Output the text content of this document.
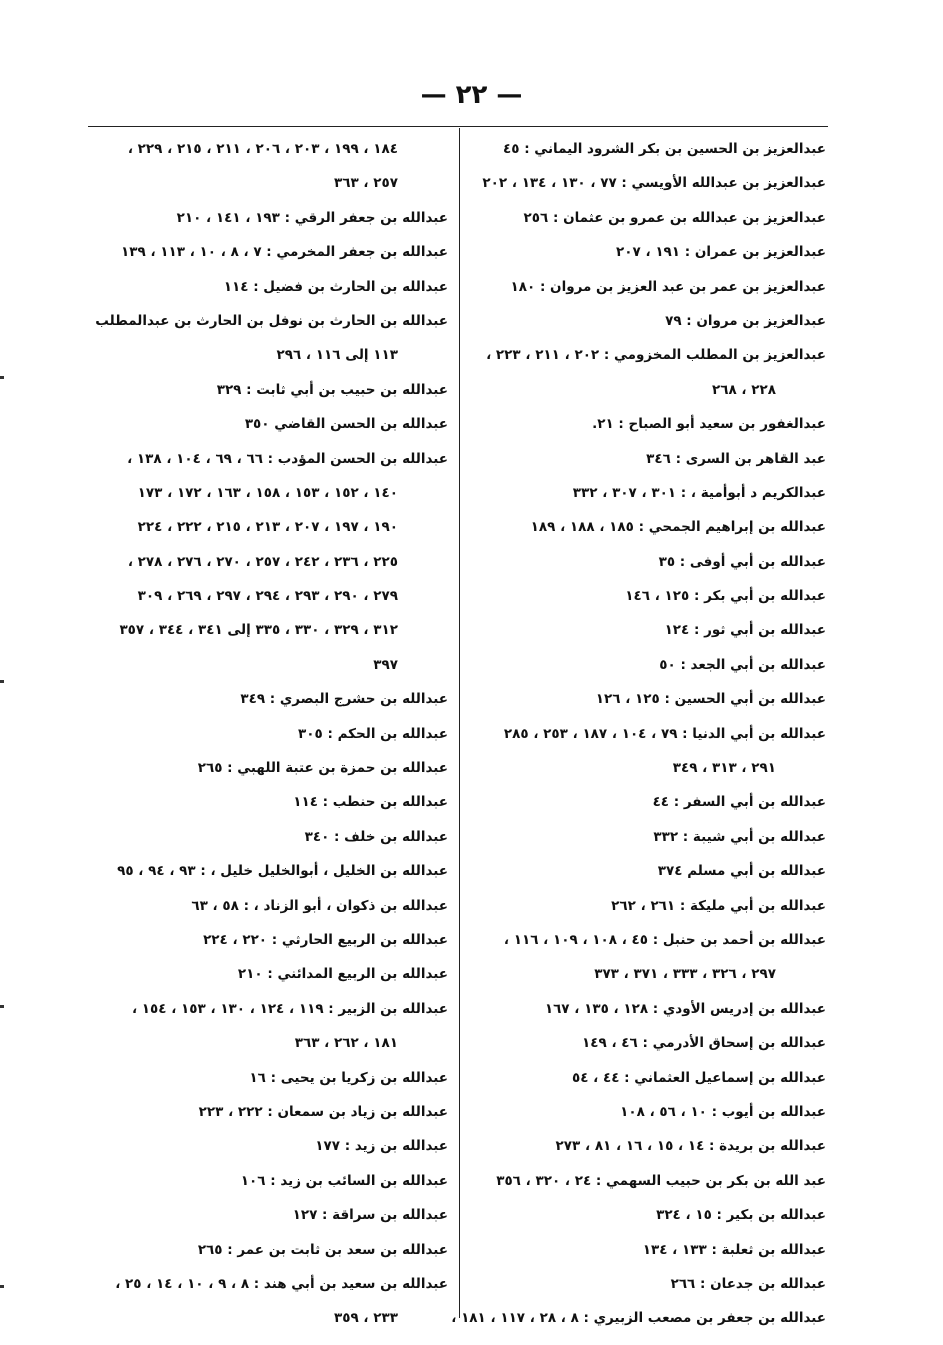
— ٢٢ —
عبدالعزيز بن الحسين بن بكر الشرود اليماني : ٤٥
عبدالعزيز بن عبدالله الأويسي : ٧٧ ، ١٣٠ ، ١٣٤ ، ٢٠٢
عبدالعزيز بن عبدالله بن عمرو بن عثمان : ٢٥٦
عبدالعزيز بن عمران : ١٩١ ، ٢٠٧
عبدالعزيز بن عمر بن عبد العزيز بن مروان : ١٨٠
عبدالعزيز بن مروان : ٧٩
عبدالعزيز بن المطلب المخزومي : ٢٠٢ ، ٢١١ ، ٢٢٣ ،
٢٢٨ ، ٢٦٨
عبدالغفور بن سعيد أبو الصباح : ٢١.
عبد القاهر بن السرى : ٣٤٦
عبدالكريم د أبوأمية ، : ٣٠١ ، ٣٠٧ ، ٣٣٢
عبدالله بن إبراهيم الجمحي : ١٨٥ ، ١٨٨ ، ١٨٩
عبدالله بن أبي أوفى : ٣٥
عبدالله بن أبي بكر : ١٢٥ ، ١٤٦
عبدالله بن أبي ثور : ١٢٤
عبدالله بن أبي الجعد : ٥٠
عبدالله بن أبي الحسين : ١٢٥ ، ١٢٦
عبدالله بن أبي الدنيا : ٧٩ ، ١٠٤ ، ١٨٧ ، ٢٥٣ ، ٢٨٥
٢٩١ ، ٣١٣ ، ٣٤٩
عبدالله بن أبي السفر : ٤٤
عبدالله بن أبي شيبة : ٣٣٢
عبدالله بن أبي مسلم ٣٧٤
عبدالله بن أبي مليكة : ٢٦١ ، ٢٦٢
عبدالله بن أحمد بن حنبل : ٤٥ ، ١٠٨ ، ١٠٩ ، ١١٦ ،
٢٩٧ ، ٣٢٦ ، ٣٣٣ ، ٣٧١ ، ٣٧٣
عبدالله بن إدريس الأودي : ١٢٨ ، ١٣٥ ، ١٦٧
عبدالله بن إسحاق الأدرمي : ٤٦ ، ١٤٩
عبدالله بن إسماعيل العثماني : ٤٤ ، ٥٤
عبدالله بن أيوب : ١٠ ، ٥٦ ، ١٠٨
عبدالله بن بريدة : ١٤ ، ١٥ ، ١٦ ، ٨١ ، ٢٧٣
عبد الله بن بكر بن حبيب السهمي : ٢٤ ، ٣٢٠ ، ٣٥٦
عبدالله بن بكير : ١٥ ، ٣٢٤
عبدالله بن ثعلبة : ١٣٣ ، ١٣٤
عبدالله بن جدعان : ٢٦٦
عبدالله بن جعفر بن مصعب الزبيري : ٨ ، ٢٨ ، ١١٧ ، ١٨١ ،
١٨٤ ، ١٩٩ ، ٢٠٣ ، ٢٠٦ ، ٢١١ ، ٢١٥ ، ٢٢٩ ،
٢٥٧ ، ٣٦٣
عبدالله بن جعفر الرقي : ١٩٣ ، ١٤١ ، ٢١٠
عبدالله بن جعفر المخرمي : ٧ ، ٨ ، ١٠ ، ١١٣ ، ١٣٩
عبدالله بن الحارث بن فضيل : ١١٤
عبدالله بن الحارث بن نوفل بن الحارث بن عبدالمطلب
١١٣ إلى ١١٦ ، ٢٩٦
عبدالله بن حبيب بن أبي ثابت : ٣٢٩
عبدالله بن الحسن القاضي ٣٥٠
عبدالله بن الحسن المؤدب : ٦٦ ، ٦٩ ، ١٠٤ ، ١٣٨ ،
١٤٠ ، ١٥٢ ، ١٥٣ ، ١٥٨ ، ١٦٣ ، ١٧٢ ، ١٧٣
١٩٠ ، ١٩٧ ، ٢٠٧ ، ٢١٣ ، ٢١٥ ، ٢٢٢ ، ٢٢٤
٢٢٥ ، ٢٣٦ ، ٢٤٢ ، ٢٥٧ ، ٢٧٠ ، ٢٧٦ ، ٢٧٨ ،
٢٧٩ ، ٢٩٠ ، ٢٩٣ ، ٢٩٤ ، ٢٩٧ ، ٢٦٩ ، ٣٠٩
٣١٢ ، ٣٢٩ ، ٣٣٠ ، ٣٣٥ إلى ٣٤١ ، ٣٤٤ ، ٣٥٧
٣٩٧
عبدالله بن حشرج البصري : ٣٤٩
عبدالله بن الحكم : ٣٠٥
عبدالله بن حمزة بن عتبة اللهبي : ٢٦٥
عبدالله بن حنطب : ١١٤
عبدالله بن خلف : ٣٤٠
عبدالله بن الخليل ، أبوالخليل خليل ، : ٩٣ ، ٩٤ ، ٩٥
عبدالله بن ذكوان ، أبو الزناد ، : ٥٨ ، ٦٣
عبدالله بن الربيع الحارثي : ٢٢٠ ، ٢٢٤
عبدالله بن الربيع المدائني : ٢١٠
عبدالله بن الزبير : ١١٩ ، ١٢٤ ، ١٣٠ ، ١٥٣ ، ١٥٤ ،
١٨١ ، ٢٦٢ ، ٣٦٣
عبدالله بن زكريا بن يحيى : ١٦
عبدالله بن زياد بن سمعان : ٢٢٢ ، ٢٢٣
عبدالله بن زيد : ١٧٧
عبدالله بن السائب بن زيد : ١٠٦
عبدالله بن سراقة : ١٢٧
عبدالله بن سعد بن ثابت بن عمر : ٢٦٥
عبدالله بن سعيد بن أبي هند : ٨ ، ٩ ، ١٠ ، ١٤ ، ٢٥ ،
٢٣٣ ، ٣٥٩
